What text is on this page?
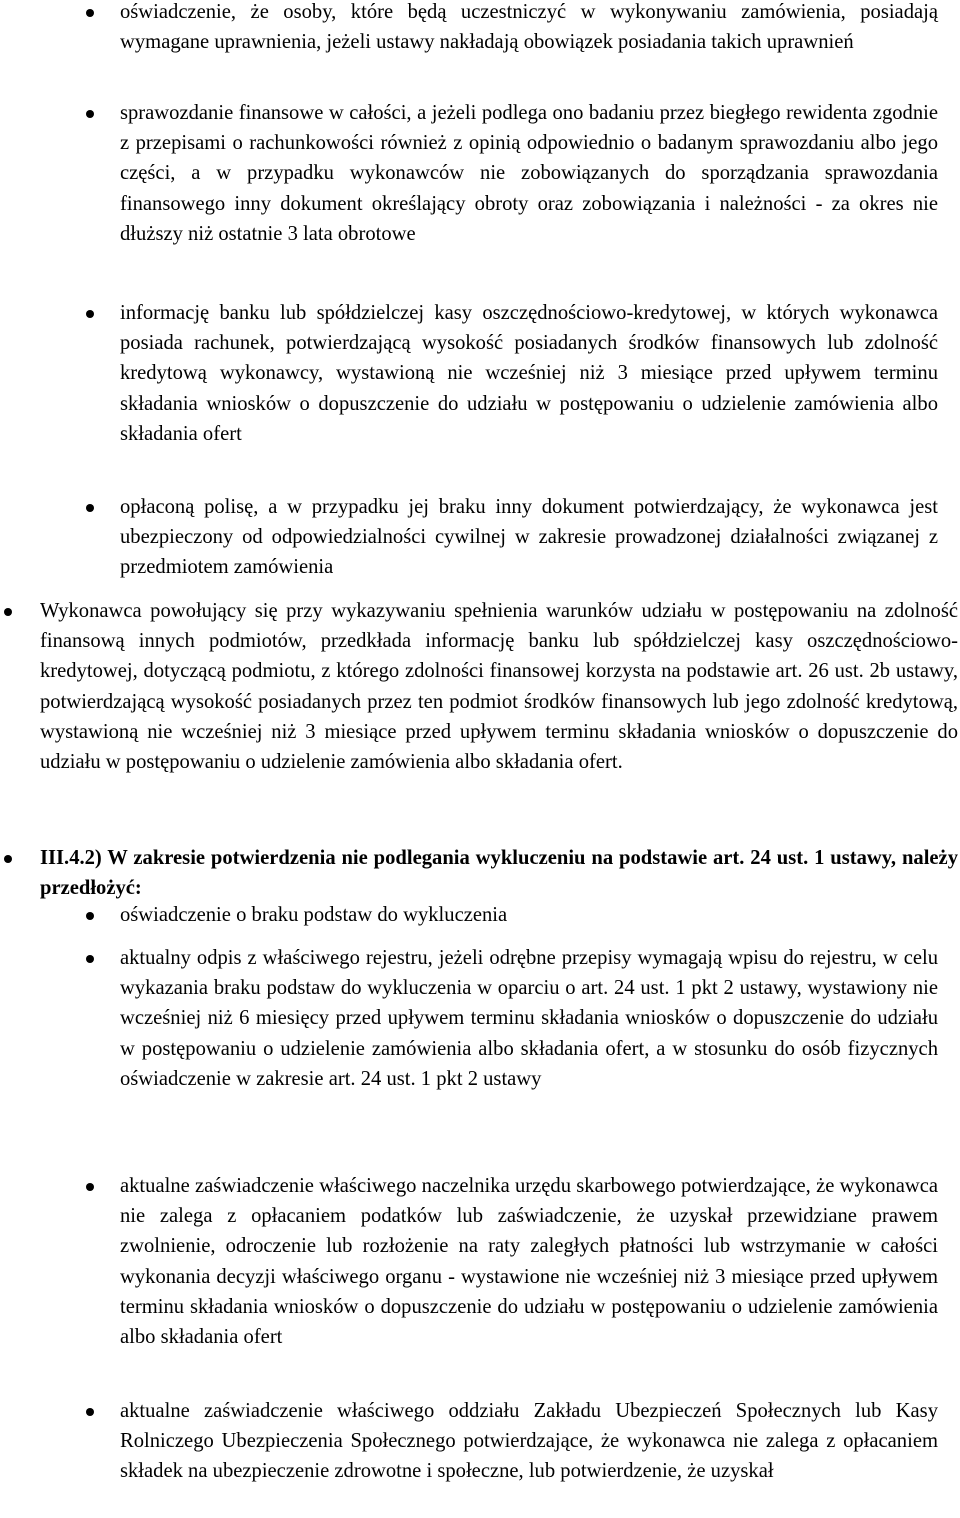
oświadczenie, że osoby, które będą uczestniczyć w wykonywaniu zamówienia, posiadają wymagane uprawnienia, jeżeli ustawy nakładają obowiązek posiadania takich uprawnień
sprawozdanie finansowe w całości, a jeżeli podlega ono badaniu przez biegłego rewidenta zgodnie z przepisami o rachunkowości również z opinią odpowiednio o badanym sprawozdaniu albo jego części, a w przypadku wykonawców nie zobowiązanych do sporządzania sprawozdania finansowego inny dokument określający obroty oraz zobowiązania i należności - za okres nie dłuższy niż ostatnie 3 lata obrotowe
informację banku lub spółdzielczej kasy oszczędnościowo-kredytowej, w których wykonawca posiada rachunek, potwierdzającą wysokość posiadanych środków finansowych lub zdolność kredytową wykonawcy, wystawioną nie wcześniej niż 3 miesiące przed upływem terminu składania wniosków o dopuszczenie do udziału w postępowaniu o udzielenie zamówienia albo składania ofert
opłaconą polisę, a w przypadku jej braku inny dokument potwierdzający, że wykonawca jest ubezpieczony od odpowiedzialności cywilnej w zakresie prowadzonej działalności związanej z przedmiotem zamówienia
Wykonawca powołujący się przy wykazywaniu spełnienia warunków udziału w postępowaniu na zdolność finansową innych podmiotów, przedkłada informację banku lub spółdzielczej kasy oszczędnościowo-kredytowej, dotyczącą podmiotu, z którego zdolności finansowej korzysta na podstawie art. 26 ust. 2b ustawy, potwierdzającą wysokość posiadanych przez ten podmiot środków finansowych lub jego zdolność kredytową, wystawioną nie wcześniej niż 3 miesiące przed upływem terminu składania wniosków o dopuszczenie do udziału w postępowaniu o udzielenie zamówienia albo składania ofert.
III.4.2) W zakresie potwierdzenia nie podlegania wykluczeniu na podstawie art. 24 ust. 1 ustawy, należy przedłożyć:
oświadczenie o braku podstaw do wykluczenia
aktualny odpis z właściwego rejestru, jeżeli odrębne przepisy wymagają wpisu do rejestru, w celu wykazania braku podstaw do wykluczenia w oparciu o art. 24 ust. 1 pkt 2 ustawy, wystawiony nie wcześniej niż 6 miesięcy przed upływem terminu składania wniosków o dopuszczenie do udziału w postępowaniu o udzielenie zamówienia albo składania ofert, a w stosunku do osób fizycznych oświadczenie w zakresie art. 24 ust. 1 pkt 2 ustawy
aktualne zaświadczenie właściwego naczelnika urzędu skarbowego potwierdzające, że wykonawca nie zalega z opłacaniem podatków lub zaświadczenie, że uzyskał przewidziane prawem zwolnienie, odroczenie lub rozłożenie na raty zaległych płatności lub wstrzymanie w całości wykonania decyzji właściwego organu - wystawione nie wcześniej niż 3 miesiące przed upływem terminu składania wniosków o dopuszczenie do udziału w postępowaniu o udzielenie zamówienia albo składania ofert
aktualne zaświadczenie właściwego oddziału Zakładu Ubezpieczeń Społecznych lub Kasy Rolniczego Ubezpieczenia Społecznego potwierdzające, że wykonawca nie zalega z opłacaniem składek na ubezpieczenie zdrowotne i społeczne, lub potwierdzenie, że uzyskał
